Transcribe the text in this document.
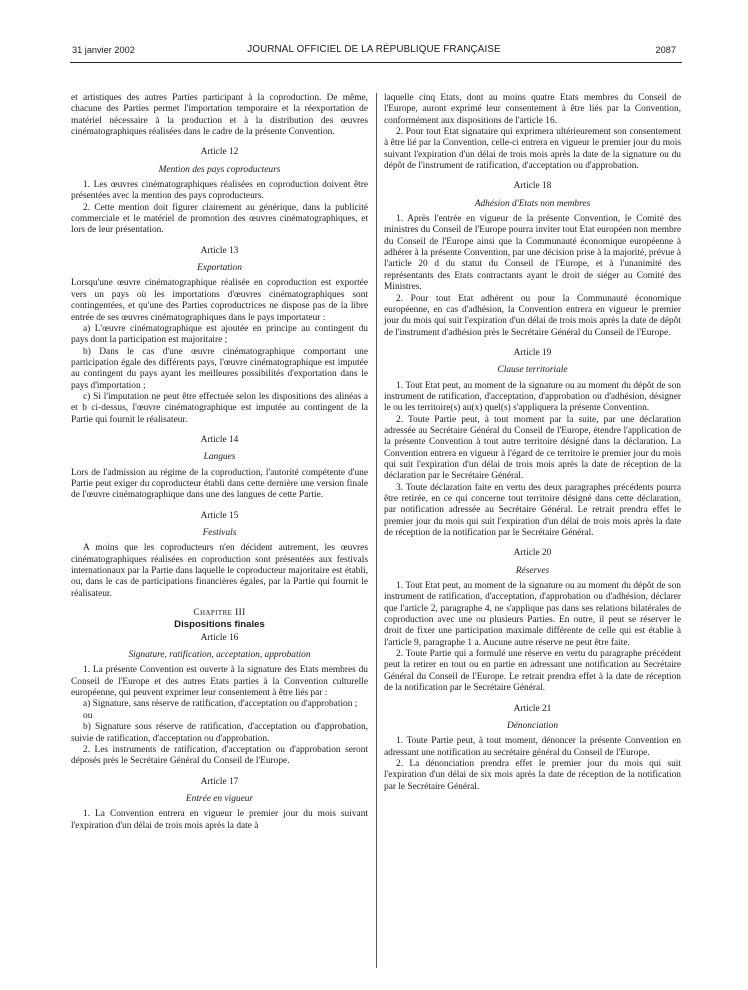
31 janvier 2002	JOURNAL OFFICIEL DE LA RÉPUBLIQUE FRANÇAISE	2087

et artistiques des autres Parties participant à la coproduction. De même, chacune des Parties permet l'importation temporaire et la réexportation de matériel nécessaire à la production et à la distribution des œuvres cinématographiques réalisées dans le cadre de la présente Convention.

Article 12

Mention des pays coproducteurs

1. Les œuvres cinématographiques réalisées en coproduction doivent être présentées avec la mention des pays coproducteurs.

2. Cette mention doit figurer clairement au générique, dans la publicité commerciale et le matériel de promotion des œuvres cinématographiques, et lors de leur présentation.

Article 13

Exportation

Lorsqu'une œuvre cinématographique réalisée en coproduction est exportée vers un pays où les importations d'œuvres cinématographiques sont contingentées, et qu'une des Parties coproductrices ne dispose pas de la libre entrée de ses œuvres cinématographiques dans le pays importateur :

a) L'œuvre cinématographique est ajoutée en principe au contingent du pays dont la participation est majoritaire ;

b) Dans le cas d'une œuvre cinématographique comportant une participation égale des différents pays, l'œuvre cinématographique est imputée au contingent du pays ayant les meilleures possibilités d'exportation dans le pays d'importation ;

c) Si l'imputation ne peut être effectuée selon les dispositions des alinéas a et b ci-dessus, l'œuvre cinématographique est imputée au contingent de la Partie qui fournit le réalisateur.

Article 14

Langues

Lors de l'admission au régime de la coproduction, l'autorité compétente d'une Partie peut exiger du coproducteur établi dans cette dernière une version finale de l'œuvre cinématographique dans une des langues de cette Partie.

Article 15

Festivals

A moins que les coproducteurs n'en décident autrement, les œuvres cinématographiques réalisées en coproduction sont présentées aux festivals internationaux par la Partie dans laquelle le coproducteur majoritaire est établi, ou, dans le cas de participations financières égales, par la Partie qui fournit le réalisateur.

Chapitre III

Dispositions finales

Article 16

Signature, ratification, acceptation, approbation

1. La présente Convention est ouverte à la signature des Etats membres du Conseil de l'Europe et des autres Etats parties à la Convention culturelle européenne, qui peuvent exprimer leur consentement à être liés par :

a) Signature, sans réserve de ratification, d'acceptation ou d'approbation ;

ou

b) Signature sous réserve de ratification, d'acceptation ou d'approbation, suivie de ratification, d'acceptation ou d'approbation.

2. Les instruments de ratification, d'acceptation ou d'approbation seront déposés près le Secrétaire Général du Conseil de l'Europe.

Article 17

Entrée en vigueur

1. La Convention entrera en vigueur le premier jour du mois suivant l'expiration d'un délai de trois mois après la date à

laquelle cinq Etats, dont au moins quatre Etats membres du Conseil de l'Europe, auront exprimé leur consentement à être liés par la Convention, conformément aux dispositions de l'article 16.

2. Pour tout Etat signataire qui exprimera ultérieurement son consentement à être lié par la Convention, celle-ci entrera en vigueur le premier jour du mois suivant l'expiration d'un délai de trois mois après la date de la signature ou du dépôt de l'instrument de ratification, d'acceptation ou d'approbation.

Article 18

Adhésion d'Etats non membres

1. Après l'entrée en vigueur de la présente Convention, le Comité des ministres du Conseil de l'Europe pourra inviter tout Etat européen non membre du Conseil de l'Europe ainsi que la Communauté économique européenne à adhérer à la présente Convention, par une décision prise à la majorité, prévue à l'article 20 d du statut du Conseil de l'Europe, et à l'unanimité des représentants des Etats contractants ayant le droit de siéger au Comité des Ministres.

2. Pour tout Etat adhérent ou pour la Communauté économique européenne, en cas d'adhésion, la Convention entrera en vigueur le premier jour du mois qui suit l'expiration d'un délai de trois mois après la date de dépôt de l'instrument d'adhésion près le Secrétaire Général du Conseil de l'Europe.

Article 19

Clause territoriale

1. Tout Etat peut, au moment de la signature ou au moment du dépôt de son instrument de ratification, d'acceptation, d'approbation ou d'adhésion, désigner le ou les territoire(s) au(x) quel(s) s'appliquera la présente Convention.

2. Toute Partie peut, à tout moment par la suite, par une déclaration adressée au Secrétaire Général du Conseil de l'Europe, étendre l'application de la présente Convention à tout autre territoire désigné dans la déclaration. La Convention entrera en vigueur à l'égard de ce territoire le premier jour du mois qui suit l'expiration d'un délai de trois mois après la date de réception de la déclaration par le Secrétaire Général.

3. Toute déclaration faite en vertu des deux paragraphes précédents pourra être retirée, en ce qui concerne tout territoire désigné dans cette déclaration, par notification adressée au Secrétaire Général. Le retrait prendra effet le premier jour du mois qui suit l'expiration d'un délai de trois mois après la date de réception de la notification par le Secrétaire Général.

Article 20

Réserves

1. Tout Etat peut, au moment de la signature ou au moment du dépôt de son instrument de ratification, d'acceptation, d'approbation ou d'adhésion, déclarer que l'article 2, paragraphe 4, ne s'applique pas dans ses relations bilatérales de coproduction avec une ou plusieurs Parties. En outre, il peut se réserver le droit de fixer une participation maximale différente de celle qui est établie à l'article 9, paragraphe 1 a. Aucune autre réserve ne peut être faite.

2. Toute Partie qui a formulé une réserve en vertu du paragraphe précédent peut la retirer en tout ou en partie en adressant une notification au Secrétaire Général du Conseil de l'Europe. Le retrait prendra effet à la date de réception de la notification par le Secrétaire Général.

Article 21

Dénonciation

1. Toute Partie peut, à tout moment, dénoncer la présente Convention en adressant une notification au secrétaire général du Conseil de l'Europe.

2. La dénonciation prendra effet le premier jour du mois qui suit l'expiration d'un délai de six mois après la date de réception de la notification par le Secrétaire Général.
